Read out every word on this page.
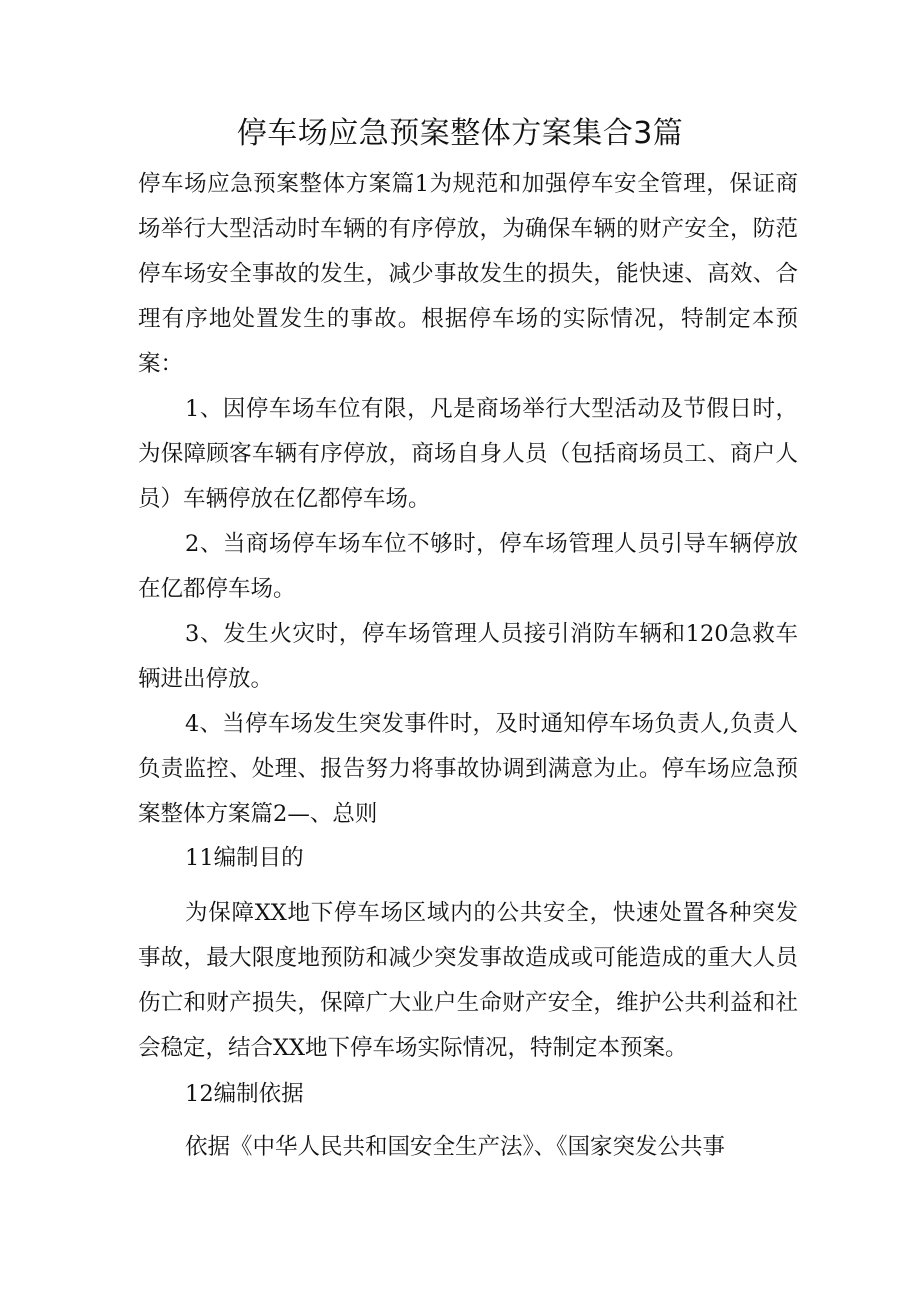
停车场应急预案整体方案集合3篇

停车场应急预案整体方案篇1为规范和加强停车安全管理，保证商场举行大型活动时车辆的有序停放，为确保车辆的财产安全，防范停车场安全事故的发生，减少事故发生的损失，能快速、高效、合理有序地处置发生的事故。根据停车场的实际情况，特制定本预案：

1、因停车场车位有限，凡是商场举行大型活动及节假日时，为保障顾客车辆有序停放，商场自身人员（包括商场员工、商户人员）车辆停放在亿都停车场。

2、当商场停车场车位不够时，停车场管理人员引导车辆停放在亿都停车场。

3、发生火灾时，停车场管理人员接引消防车辆和120急救车辆进出停放。

4、当停车场发生突发事件时，及时通知停车场负责人,负责人负责监控、处理、报告努力将事故协调到满意为止。停车场应急预案整体方案篇2—、总则

11编制目的

为保障XX地下停车场区域内的公共安全，快速处置各种突发事故，最大限度地预防和减少突发事故造成或可能造成的重大人员伤亡和财产损失，保障广大业户生命财产安全，维护公共利益和社会稳定，结合XX地下停车场实际情况，特制定本预案。

12编制依据

依据《中华人民共和国安全生产法》、《国家突发公共事
